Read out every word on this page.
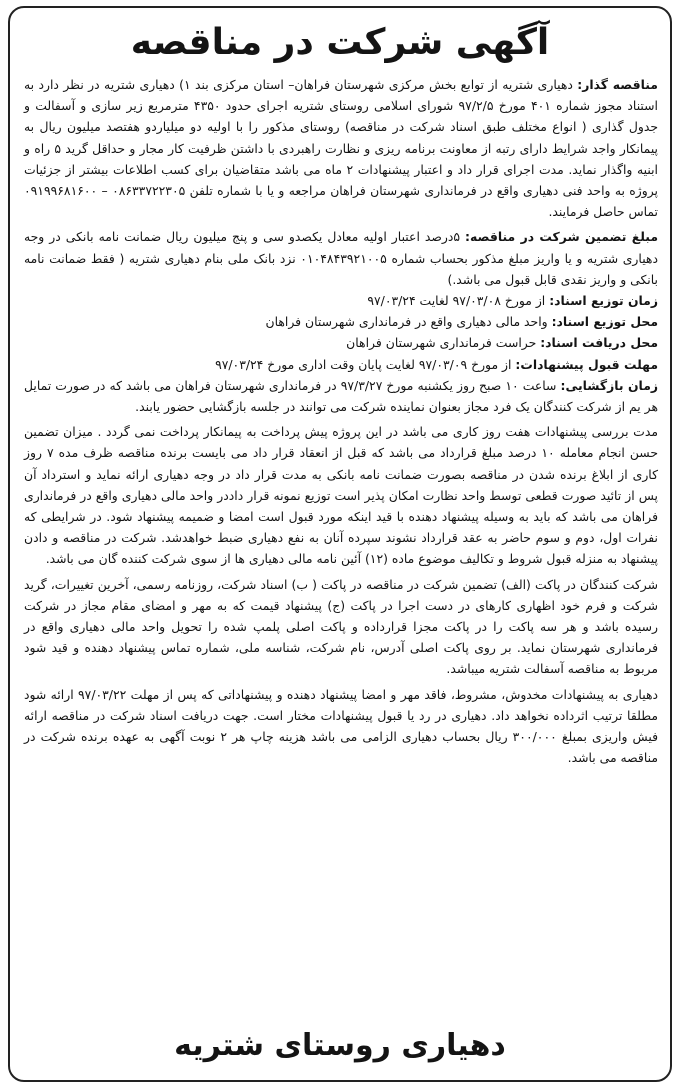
آگهی شرکت در مناقصه

مناقصه گذار: دهیاری شتریه از توابع بخش مرکزی شهرستان فراهان– استان مرکزی بند ۱) دهیاری شتریه در نظر دارد به استناد مجوز شماره ۴۰۱ مورخ ۹۷/۲/۵ شورای اسلامی روستای شتریه اجرای حدود ۴۳۵۰ مترمربع زیر سازی و آسفالت و جدول گذاری ( انواع مختلف طبق اسناد شرکت در مناقصه) روستای مذکور را با اولیه دو میلیاردو هفتصد میلیون ریال به پیمانکار واجد شرایط دارای رتبه از معاونت برنامه ریزی و نظارت راهبردی با داشتن ظرفیت کار مجار و حداقل گرید ۵ راه و ابنیه واگذار نماید. مدت اجرای قرار داد و اعتبار پیشنهادات ۲ ماه می باشد متقاضیان برای کسب اطلاعات بیشتر از جزئیات پروژه به واحد فنی دهیاری واقع در فرمانداری شهرستان فراهان مراجعه و یا با شماره تلفن ۰۸۶۳۳۷۲۲۳۰۵ – ۰۹۱۹۹۶۸۱۶۰۰ تماس حاصل فرمایند.

مبلغ تضمین شرکت در مناقصه: ۵درصد اعتبار اولیه معادل یکصدو سی و پنج میلیون ریال ضمانت نامه بانکی در وجه دهیاری شتریه و یا واریز مبلغ مذکور بحساب شماره ۰۱۰۴۸۴۳۹۲۱۰۰۵ نزد بانک ملی بنام دهیاری شتریه ( فقط ضمانت نامه بانکی و واریز نقدی قابل قبول می باشد.)

زمان توزیع اسناد: از مورخ ۹۷/۰۳/۰۸ لغایت ۹۷/۰۳/۲۴

محل توزیع اسناد: واحد مالی دهیاری واقع در فرمانداری شهرستان فراهان

محل دریافت اسناد: حراست فرمانداری شهرستان فراهان

مهلت قبول پیشنهادات: از مورخ ۹۷/۰۳/۰۹ لغایت پایان وقت اداری مورخ ۹۷/۰۳/۲۴

زمان بازگشایی: ساعت ۱۰ صبح روز یکشنبه مورخ ۹۷/۳/۲۷ در فرمانداری شهرستان فراهان می باشد که در صورت تمایل هر یم از شرکت کنندگان یک فرد مجاز بعنوان نماینده شرکت می توانند در جلسه بازگشایی حضور یابند.

مدت بررسی پیشنهادات هفت روز کاری می باشد در این پروژه پیش پرداخت به پیمانکار پرداخت نمی گردد . میزان تضمین حسن انجام معامله ۱۰ درصد مبلغ قرارداد می باشد که قبل از انعقاد قرار داد می بایست برنده مناقصه ظرف مده ۷ روز کاری از ابلاغ برنده شدن در مناقصه بصورت ضمانت نامه بانکی به مدت قرار داد در وجه دهیاری ارائه نماید و استرداد آن پس از تائید صورت قطعی توسط واحد نظارت امکان پذیر است توزیع نمونه قرار داددر واحد مالی دهیاری واقع در فرمانداری فراهان می باشد که باید به وسیله پیشنهاد دهنده با قید اینکه مورد قبول است امضا و ضمیمه پیشنهاد شود. در شرایطی که نفرات اول، دوم و سوم حاضر به عقد قرارداد نشوند سپرده آنان به نفع دهیاری ضبط خواهدشد. شرکت در مناقصه و دادن پیشنهاد به منزله قبول شروط و تکالیف موضوع ماده (۱۲) آئین نامه مالی دهیاری ها از سوی شرکت کننده گان می باشد.

شرکت کنندگان در پاکت (الف) تضمین شرکت در مناقصه در پاکت ( ب) اسناد شرکت، روزنامه رسمی، آخرین تغییرات، گرید شرکت و فرم خود اظهاری کارهای در دست اجرا در پاکت (ج) پیشنهاد قیمت که به مهر و امضای مقام مجاز در شرکت رسیده باشد و هر سه پاکت را در پاکت مجزا قرارداده و پاکت اصلی پلمپ شده را تحویل واحد مالی دهیاری واقع در فرمانداری شهرستان نماید. بر روی پاکت اصلی آدرس، نام شرکت، شناسه ملی، شماره تماس پیشنهاد دهنده و قید شود مربوط به مناقصه آسفالت شتریه میباشد.

دهیاری به پیشنهادات مخدوش، مشروط، فاقد مهر و امضا پیشنهاد دهنده و پیشنهاداتی که پس از مهلت ۹۷/۰۳/۲۲ ارائه شود مطلقا ترتیب اثرداده نخواهد داد. دهیاری در رد یا قبول پیشنهادات مختار است. جهت دریافت اسناد شرکت در مناقصه ارائه فیش واریزی بمبلغ ۳۰۰/۰۰۰ ریال بحساب دهیاری الزامی می باشد هزینه چاپ هر ۲ نوبت آگهی به عهده برنده شرکت در مناقصه می باشد.

دهیاری روستای شتریه
